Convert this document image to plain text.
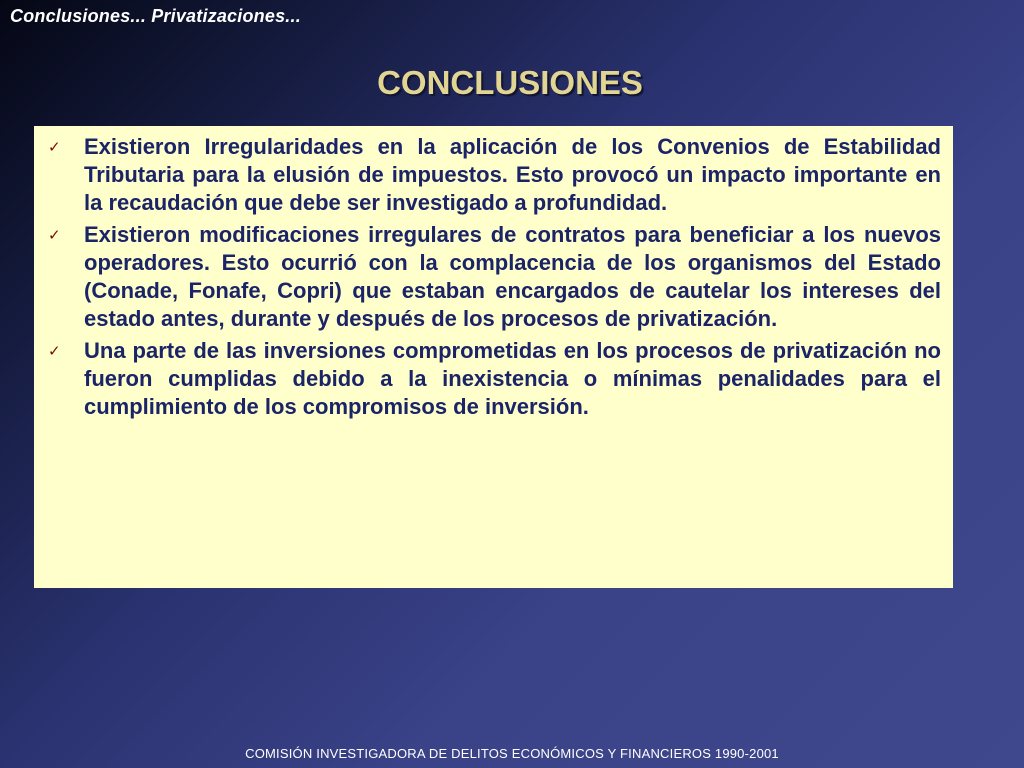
Conclusiones... Privatizaciones...
CONCLUSIONES
✓	Existieron Irregularidades en la aplicación de los Convenios de Estabilidad Tributaria para la elusión de impuestos. Esto provocó un impacto importante en la recaudación que debe ser investigado a profundidad.
✓	Existieron modificaciones irregulares de contratos para beneficiar a los nuevos operadores. Esto ocurrió con la complacencia de los organismos del Estado (Conade, Fonafe, Copri) que estaban encargados de cautelar los intereses del estado antes, durante y después de los procesos de privatización.
✓	Una parte de las inversiones comprometidas en los procesos de privatización no fueron cumplidas debido a la inexistencia o mínimas penalidades para el cumplimiento de los compromisos de inversión.
COMISIÓN INVESTIGADORA DE DELITOS ECONÓMICOS Y FINANCIEROS 1990-2001
